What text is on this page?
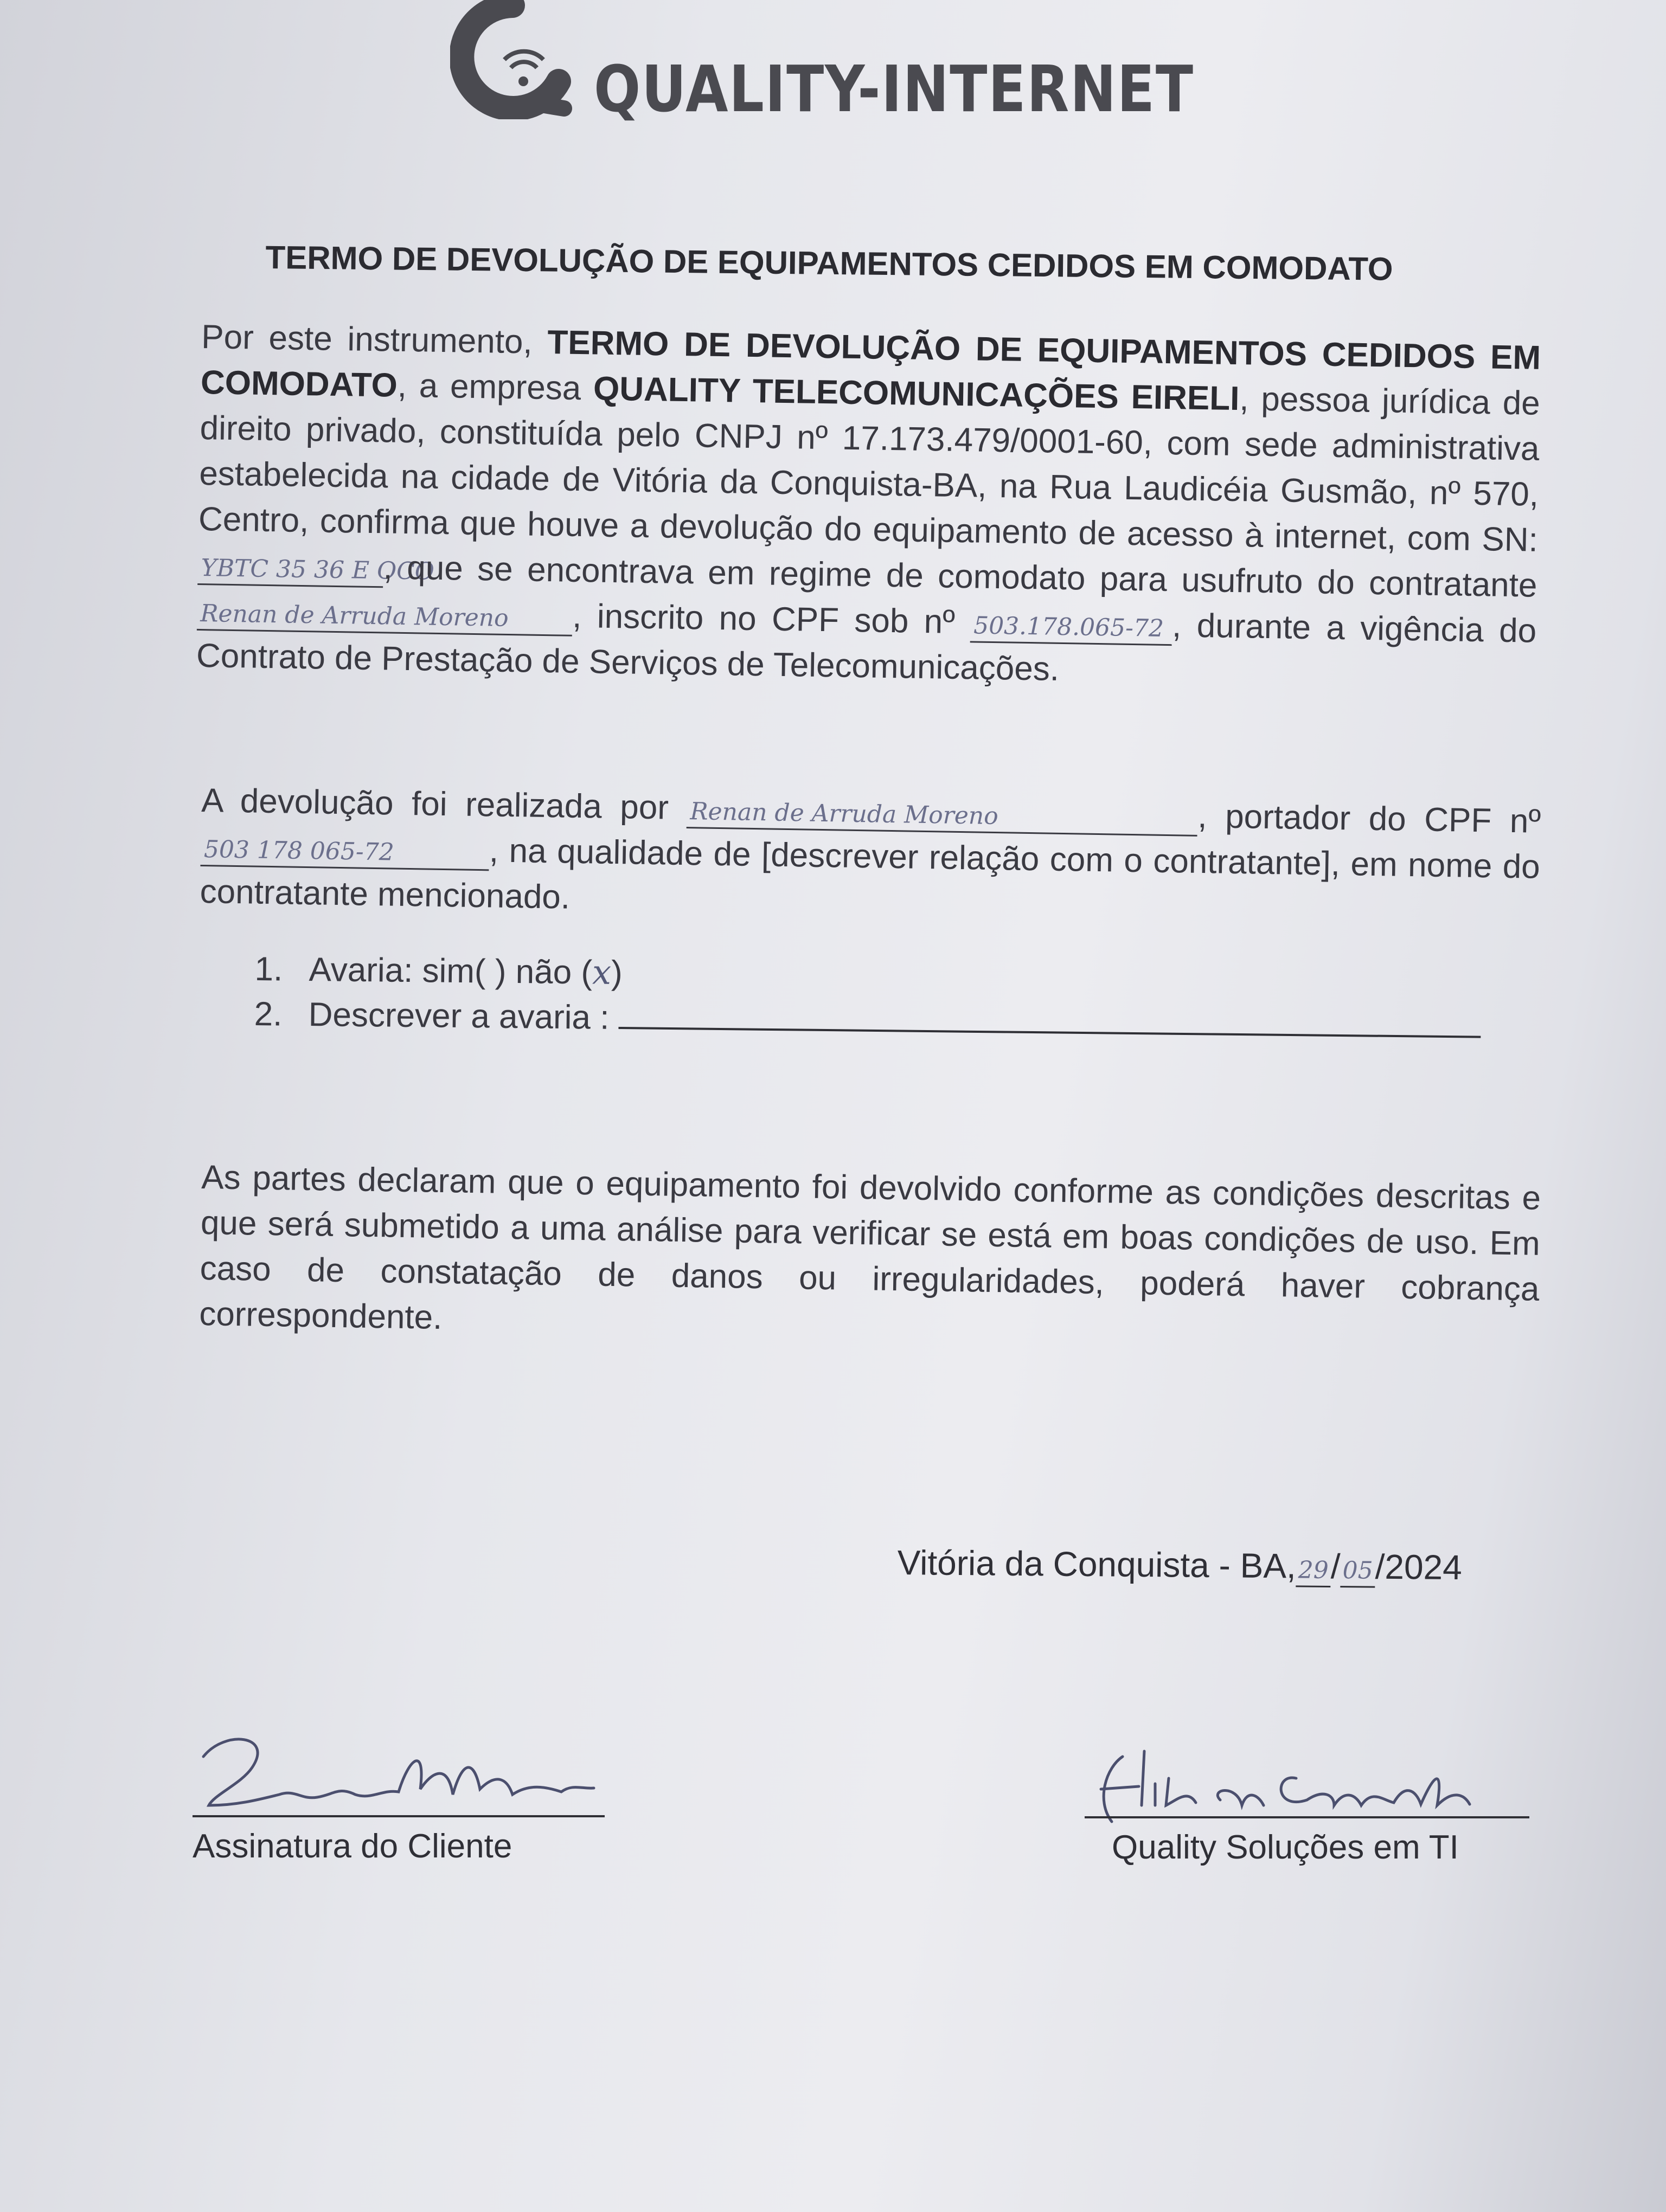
QUALITY-INTERNET
TERMO DE DEVOLUÇÃO DE EQUIPAMENTOS CEDIDOS EM COMODATO
Por este instrumento, TERMO DE DEVOLUÇÃO DE EQUIPAMENTOS CEDIDOS EM COMODATO, a empresa QUALITY TELECOMUNICAÇÕES EIRELI, pessoa jurídica de direito privado, constituída pelo CNPJ nº 17.173.479/0001-60, com sede administrativa estabelecida na cidade de Vitória da Conquista-BA, na Rua Laudicéia Gusmão, nº 570, Centro, confirma que houve a devolução do equipamento de acesso à internet, com SN: YBTC 35 36 E OCO, que se encontrava em regime de comodato para usufruto do contratante Renan de Arruda Moreno , inscrito no CPF sob nº 503.178.065-72 , durante a vigência do Contrato de Prestação de Serviços de Telecomunicações.
A devolução foi realizada por Renan de Arruda Moreno	, portador do CPF nº 503 178 065-72	, na qualidade de [descrever relação com o contratante], em nome do contratante mencionado.
1. Avaria: sim( ) não (x)
2. Descrever a avaria :
As partes declaram que o equipamento foi devolvido conforme as condições descritas e que será submetido a uma análise para verificar se está em boas condições de uso. Em caso de constatação de danos ou irregularidades, poderá haver cobrança correspondente.
Vitória da Conquista - BA,29/05/2024
Assinatura do Cliente	Quality Soluções em TI
